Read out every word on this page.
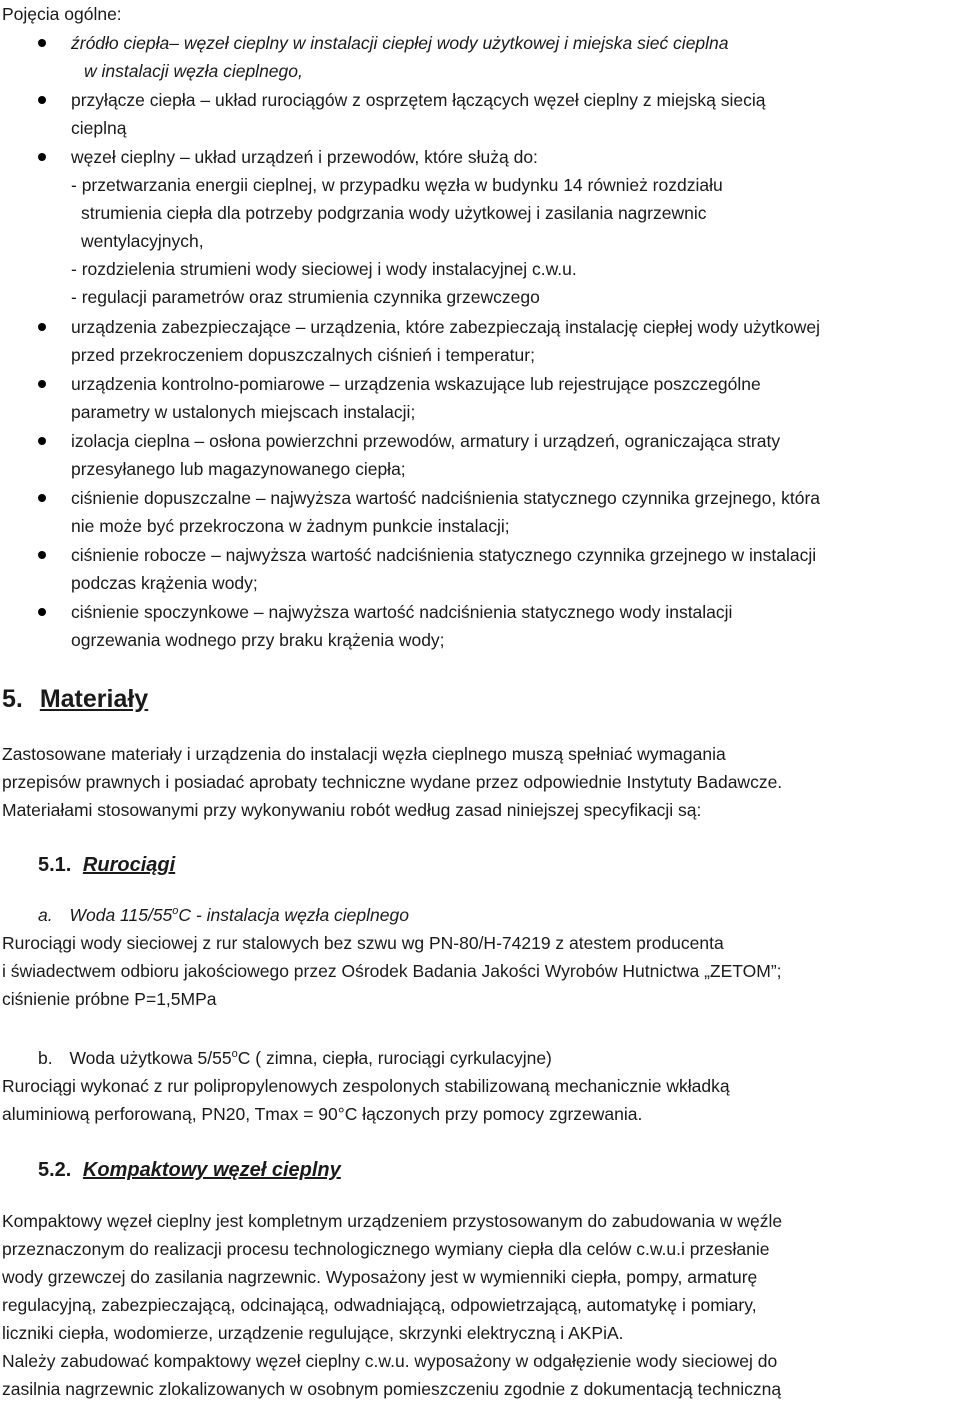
Pojęcia ogólne:
źródło ciepła– węzeł cieplny w instalacji ciepłej wody użytkowej i miejska sieć cieplna
w instalacji węzła cieplnego,
przyłącze ciepła – układ rurociągów z osprzętem łączących węzeł cieplny z miejską siecią
cieplną
węzeł cieplny – układ urządzeń i przewodów, które służą do:
- przetwarzania energii cieplnej, w przypadku węzła w budynku 14 również rozdziału
strumienia ciepła dla potrzeby podgrzania wody użytkowej i zasilania nagrzewnic
wentylacyjnych,
- rozdzielenia strumieni wody sieciowej i wody instalacyjnej c.w.u.
- regulacji parametrów oraz strumienia czynnika grzewczego
urządzenia zabezpieczające – urządzenia, które zabezpieczają instalację ciepłej wody użytkowej
przed przekroczeniem dopuszczalnych ciśnień i temperatur;
urządzenia kontrolno-pomiarowe – urządzenia wskazujące lub rejestrujące poszczególne
parametry w ustalonych miejscach instalacji;
izolacja cieplna – osłona powierzchni przewodów, armatury i urządzeń, ograniczająca straty
przesyłanego lub magazynowanego ciepła;
ciśnienie dopuszczalne – najwyższa wartość nadciśnienia statycznego czynnika grzejnego, która
nie może być przekroczona w żadnym punkcie instalacji;
ciśnienie robocze – najwyższa wartość nadciśnienia statycznego czynnika grzejnego w instalacji
podczas krążenia wody;
ciśnienie spoczynkowe – najwyższa wartość nadciśnienia statycznego wody instalacji
ogrzewania wodnego przy braku krążenia wody;
5. Materiały
Zastosowane materiały i urządzenia do instalacji węzła cieplnego muszą spełniać wymagania
przepisów prawnych i posiadać aprobaty techniczne wydane przez odpowiednie Instytuty Badawcze.
Materiałami stosowanymi przy wykonywaniu robót według zasad niniejszej specyfikacji są:
5.1. Rurociągi
a. Woda 115/55$^o$C - instalacja węzła cieplnego
Rurociągi wody sieciowej z rur stalowych bez szwu wg PN-80/H-74219 z atestem producenta
i świadectwem odbioru jakościowego przez Ośrodek Badania Jakości Wyrobów Hutnictwa „ZETOM”;
ciśnienie próbne P=1,5MPa
b. Woda użytkowa 5/55$^o$C ( zimna, ciepła, rurociągi cyrkulacyjne)
Rurociągi wykonać z rur polipropylenowych zespolonych stabilizowaną mechanicznie wkładką
aluminiową perforowaną, PN20, Tmax = 90°C łączonych przy pomocy zgrzewania.
5.2. Kompaktowy węzeł cieplny
Kompaktowy węzeł cieplny jest kompletnym urządzeniem przystosowanym do zabudowania w węźle
przeznaczonym do realizacji procesu technologicznego wymiany ciepła dla celów c.w.u.i przesłanie
wody grzewczej do zasilania nagrzewnic. Wyposażony jest w wymienniki ciepła, pompy, armaturę
regulacyjną, zabezpieczającą, odcinającą, odwadniającą, odpowietrzającą, automatykę i pomiary,
liczniki ciepła, wodomierze, urządzenie regulujące, skrzynki elektryczną i AKPiA.
Należy zabudować kompaktowy węzeł cieplny c.w.u. wyposażony w odgałęzienie wody sieciowej do
zasilnia nagrzewnic zlokalizowanych w osobnym pomieszczeniu zgodnie z dokumentacją techniczną
